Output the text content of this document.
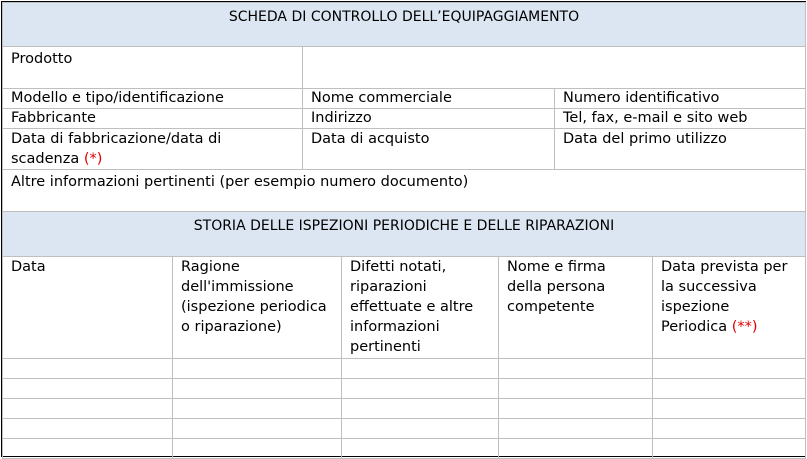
SCHEDA DI CONTROLLO DELL’EQUIPAGGIAMENTO		
Prodotto		
Modello e tipo/identificazione	Nome commerciale	Numero identificativo
Fabbricante	Indirizzo	Tel, fax, e-mail e sito web
Data di fabbricazione/data di scadenza (*)	Data di acquisto	Data del primo utilizzo
Altre informazioni pertinenti (per esempio numero documento)		
STORIA DELLE ISPEZIONI PERIODICHE E DELLE RIPARAZIONI				
Data	Ragione dell'immissione (ispezione periodica o riparazione)	Difetti notati, riparazioni effettuate e altre informazioni pertinenti	Nome e firma della persona competente	Data prevista per la successiva ispezione Periodica (**)
